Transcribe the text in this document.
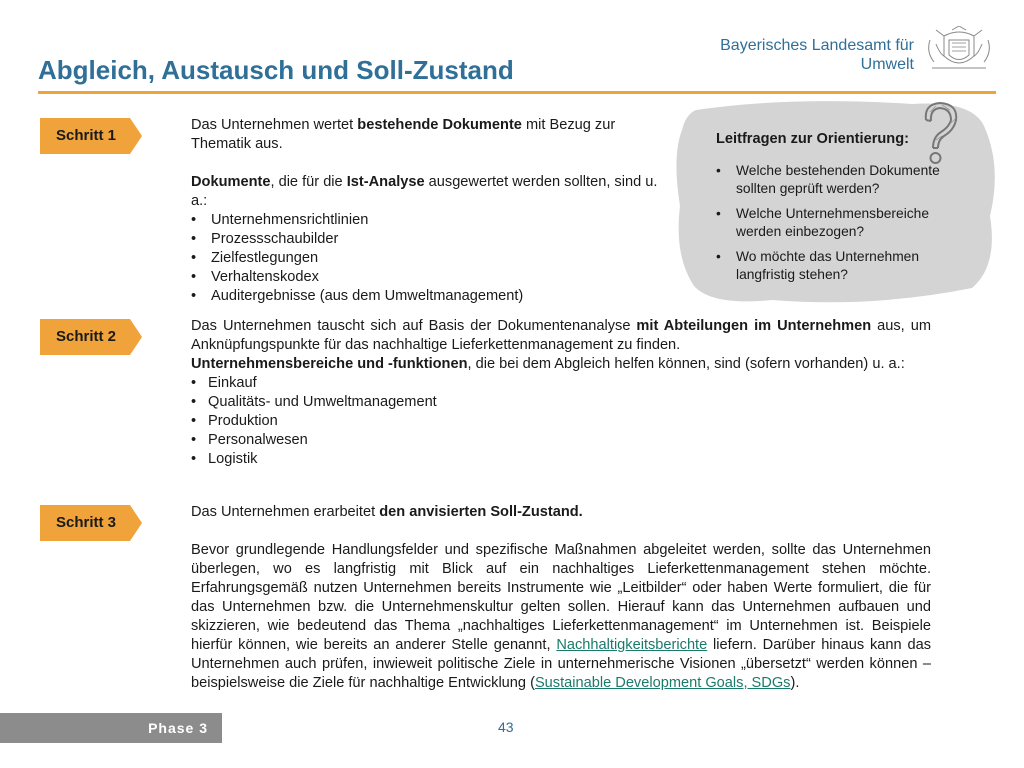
Abgleich, Austausch und Soll-Zustand
Bayerisches Landesamt für
Umwelt
Schritt 1
Schritt 2
Schritt 3

Das Unternehmen wertet bestehende Dokumente mit Bezug zur Thematik aus.

Dokumente, die für die Ist-Analyse ausgewertet werden sollten, sind u. a.:

• Unternehmensrichtlinien
• Prozessschaubilder
• Zielfestlegungen
• Verhaltenskodex
• Auditergebnisse (aus dem Umweltmanagement)
Leitfragen zur Orientierung:
• Welche bestehenden Dokumente sollten geprüft werden?
• Welche Unternehmensbereiche werden einbezogen?
• Wo möchte das Unternehmen langfristig stehen?

Das Unternehmen tauscht sich auf Basis der Dokumentenanalyse mit Abteilungen im Unternehmen aus, um Anknüpfungspunkte für das nachhaltige Lieferkettenmanagement zu finden.

Unternehmensbereiche und -funktionen, die bei dem Abgleich helfen können, sind (sofern vorhanden) u. a.:

• Einkauf
• Qualitäts- und Umweltmanagement
• Produktion
• Personalwesen
• Logistik

Das Unternehmen erarbeitet den anvisierten Soll-Zustand.

Bevor grundlegende Handlungsfelder und spezifische Maßnahmen abgeleitet werden, sollte das Unternehmen überlegen, wo es langfristig mit Blick auf ein nachhaltiges Lieferkettenmanagement stehen möchte. Erfahrungsgemäß nutzen Unternehmen bereits Instrumente wie „Leitbilder“ oder haben Werte formuliert, die für das Unternehmen bzw. die Unternehmenskultur gelten sollen. Hierauf kann das Unternehmen aufbauen und skizzieren, wie bedeutend das Thema „nachhaltiges Lieferkettenmanagement“ im Unternehmen ist. Beispiele hierfür können, wie bereits an anderer Stelle genannt, Nachhaltigkeitsberichte liefern. Darüber hinaus kann das Unternehmen auch prüfen, inwieweit politische Ziele in unternehmerische Visionen „übersetzt“ werden können – beispielsweise die Ziele für nachhaltige Entwicklung (Sustainable Development Goals, SDGs).

Phase 3	43
